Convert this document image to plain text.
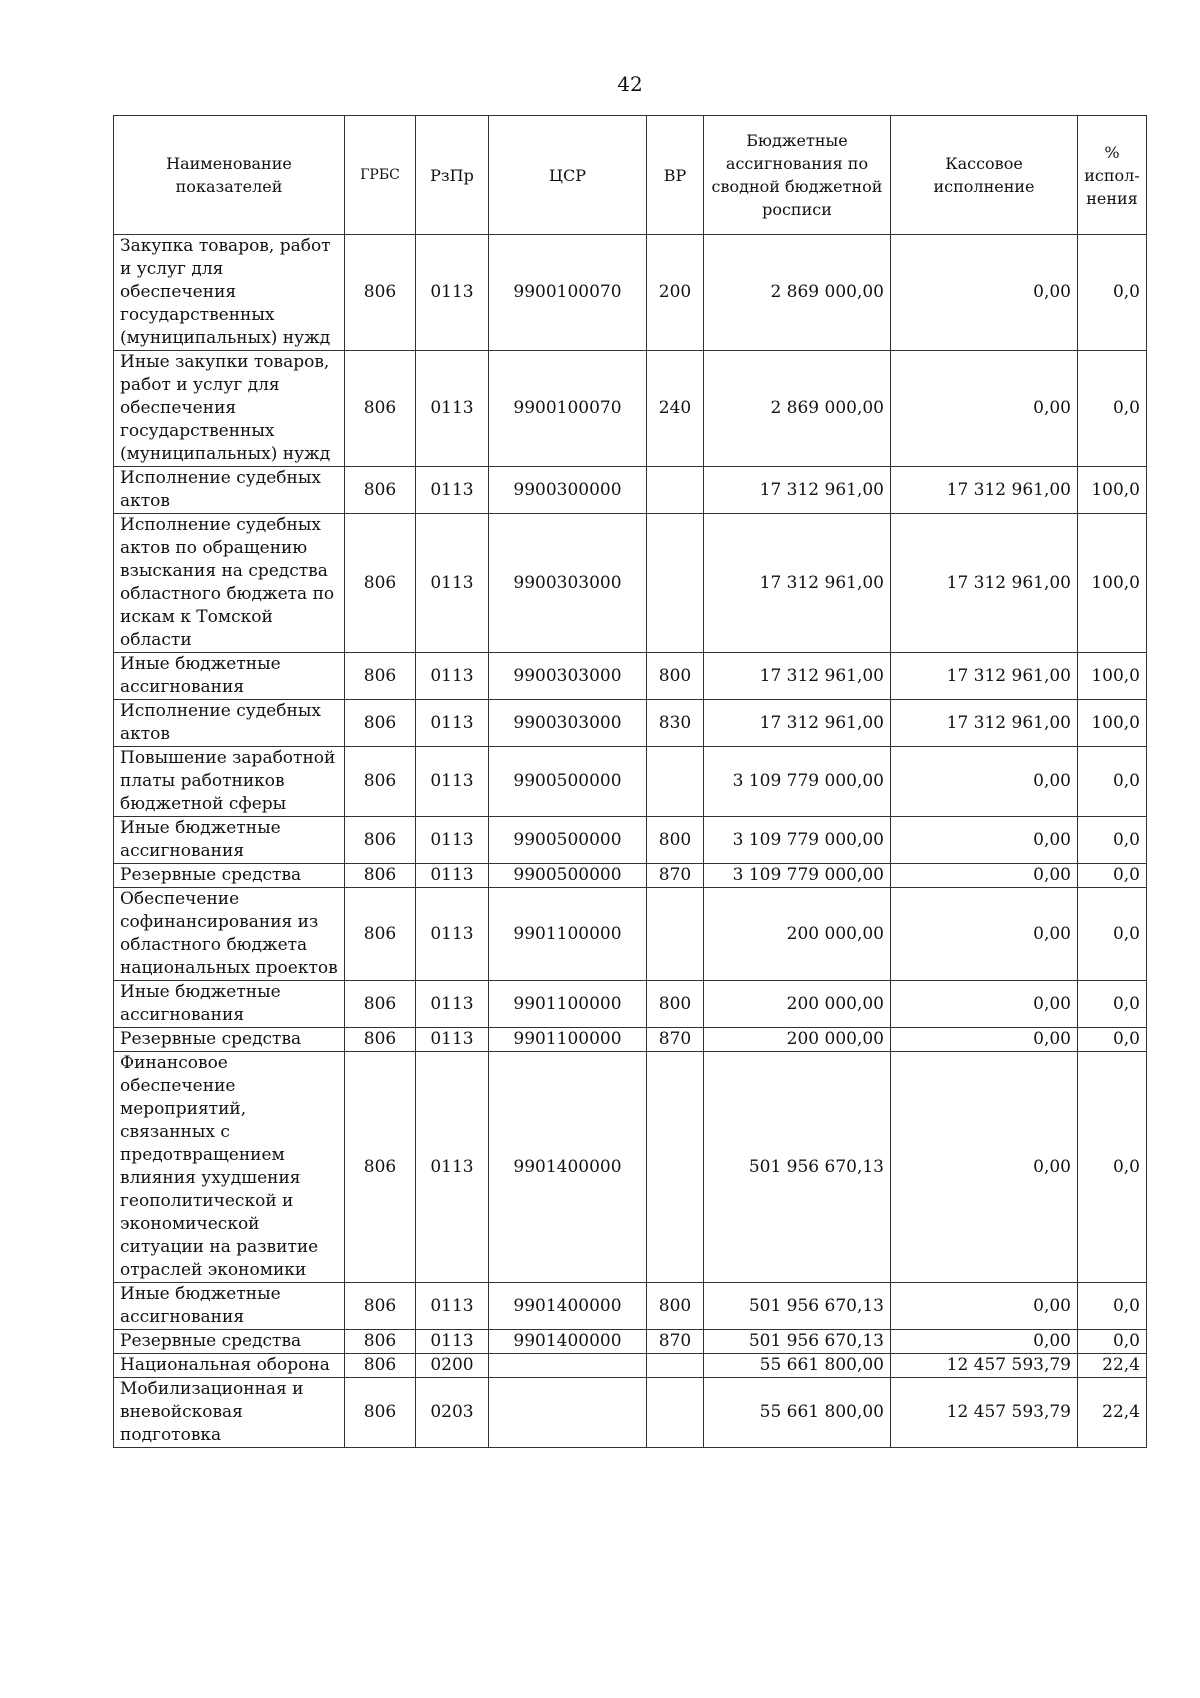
42
Наименование показателей	ГРБС	РзПр	ЦСР	ВР	Бюджетные ассигнования по сводной бюджетной росписи	Кассовое исполнение	% испол-нения
Закупка товаров, работ и услуг для обеспечения государственных (муниципальных) нужд	806	0113	9900100070	200	2 869 000,00	0,00	0,0
Иные закупки товаров, работ и услуг для обеспечения государственных (муниципальных) нужд	806	0113	9900100070	240	2 869 000,00	0,00	0,0
Исполнение судебных актов	806	0113	9900300000		17 312 961,00	17 312 961,00	100,0
Исполнение судебных актов по обращению взыскания на средства областного бюджета по искам к Томской области	806	0113	9900303000		17 312 961,00	17 312 961,00	100,0
Иные бюджетные ассигнования	806	0113	9900303000	800	17 312 961,00	17 312 961,00	100,0
Исполнение судебных актов	806	0113	9900303000	830	17 312 961,00	17 312 961,00	100,0
Повышение заработной платы работников бюджетной сферы	806	0113	9900500000		3 109 779 000,00	0,00	0,0
Иные бюджетные ассигнования	806	0113	9900500000	800	3 109 779 000,00	0,00	0,0
Резервные средства	806	0113	9900500000	870	3 109 779 000,00	0,00	0,0
Обеспечение софинансирования из областного бюджета национальных проектов	806	0113	9901100000		200 000,00	0,00	0,0
Иные бюджетные ассигнования	806	0113	9901100000	800	200 000,00	0,00	0,0
Резервные средства	806	0113	9901100000	870	200 000,00	0,00	0,0
Финансовое обеспечение мероприятий, связанных с предотвращением влияния ухудшения геополитической и экономической ситуации на развитие отраслей экономики	806	0113	9901400000		501 956 670,13	0,00	0,0
Иные бюджетные ассигнования	806	0113	9901400000	800	501 956 670,13	0,00	0,0
Резервные средства	806	0113	9901400000	870	501 956 670,13	0,00	0,0
Национальная оборона	806	0200			55 661 800,00	12 457 593,79	22,4
Мобилизационная и вневойсковая подготовка	806	0203			55 661 800,00	12 457 593,79	22,4
